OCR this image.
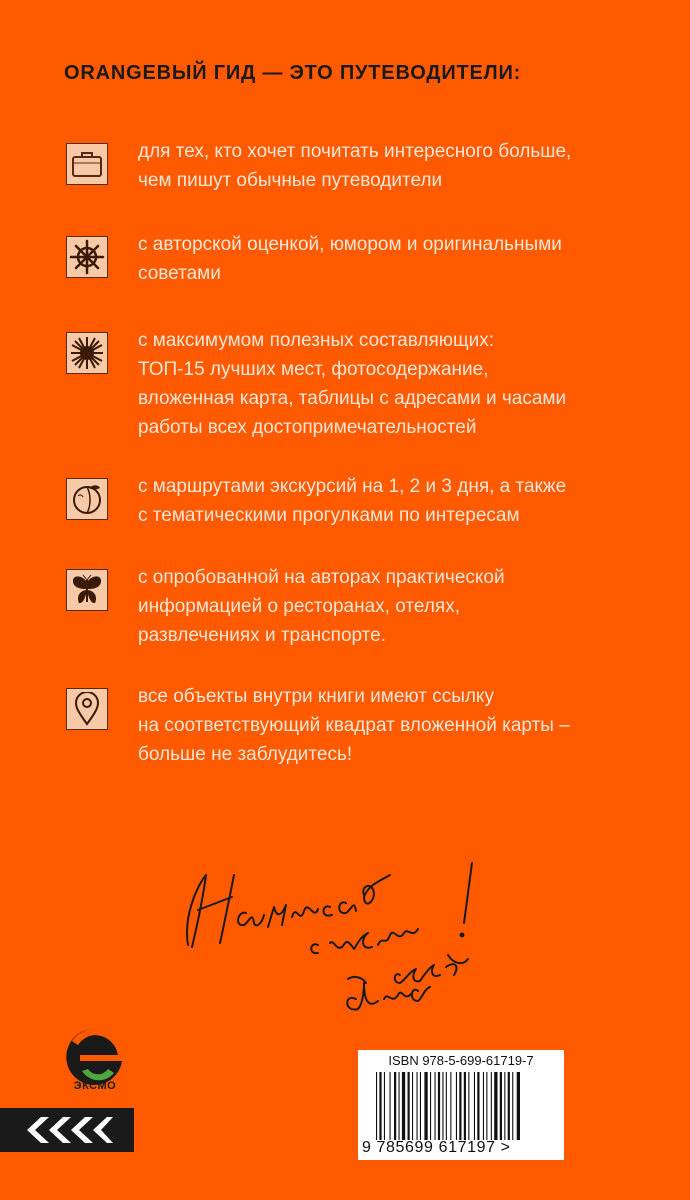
ORANGEВЫЙ ГИД — ЭТО ПУТЕВОДИТЕЛИ:
для тех, кто хочет почитать интересного больше,
чем пишут обычные путеводители
с авторской оценкой, юмором и оригинальными
советами
с максимумом полезных составляющих:
ТОП-15 лучших мест, фотосодержание,
вложенная карта, таблицы с адресами и часами
работы всех достопримечательностей
с маршрутами экскурсий на 1, 2 и 3 дня, а также
с тематическими прогулками по интересам
с опробованной на авторах практической
информацией о ресторанах, отелях,
развлечениях и транспорте.
все объекты внутри книги имеют ссылку
на соответствующий квадрат вложенной карты –
больше не заблудитесь!
ЭКСМО
ISBN 978-5-699-61719-7
9 785699 617197 >
